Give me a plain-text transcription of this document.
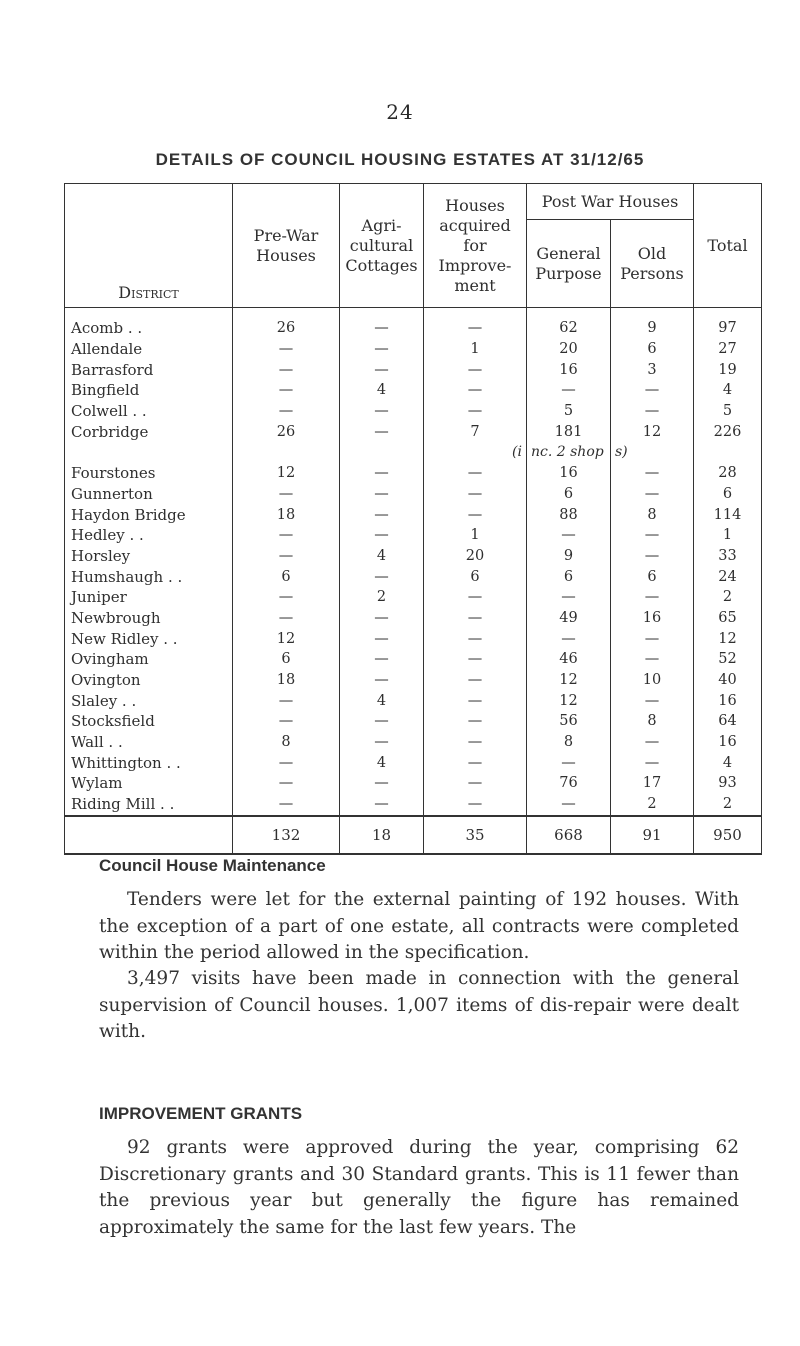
24
DETAILS OF COUNCIL HOUSING ESTATES AT 31/12/65
District	Pre-War Houses	Agri-cultural Cottages	Houses acquired for Improve-ment	Post War Houses		Total
				General Purpose	Old Persons	
Acomb . .	26	—	—	62	9	97
Allendale	—	—	1	20	6	27
Barrasford	—	—	—	16	3	19
Bingfield	—	4	—	—	—	4
Colwell . .	—	—	—	5	—	5
Corbridge	26	—	7	181	12	226
			(i	nc. 2 shop	s)	
Fourstones	12	—	—	16	—	28
Gunnerton	—	—	—	6	—	6
Haydon Bridge	18	—	—	88	8	114
Hedley . .	—	—	1	—	—	1
Horsley	—	4	20	9	—	33
Humshaugh . .	6	—	6	6	6	24
Juniper	—	2	—	—	—	2
Newbrough	—	—	—	49	16	65
New Ridley . .	12	—	—	—	—	12
Ovingham	6	—	—	46	—	52
Ovington	18	—	—	12	10	40
Slaley . .	—	4	—	12	—	16
Stocksfield	—	—	—	56	8	64
Wall . .	8	—	—	8	—	16
Whittington . .	—	4	—	—	—	4
Wylam	—	—	—	76	17	93
Riding Mill . .	—	—	—	—	2	2
	132	18	35	668	91	950
Council House Maintenance
Tenders were let for the external painting of 192 houses. With the exception of a part of one estate, all contracts were completed within the period allowed in the specification.
3,497 visits have been made in connection with the general supervision of Council houses. 1,007 items of dis-repair were dealt with.
IMPROVEMENT GRANTS
92 grants were approved during the year, comprising 62 Discretionary grants and 30 Standard grants. This is 11 fewer than the previous year but generally the figure has remained approximately the same for the last few years. The
